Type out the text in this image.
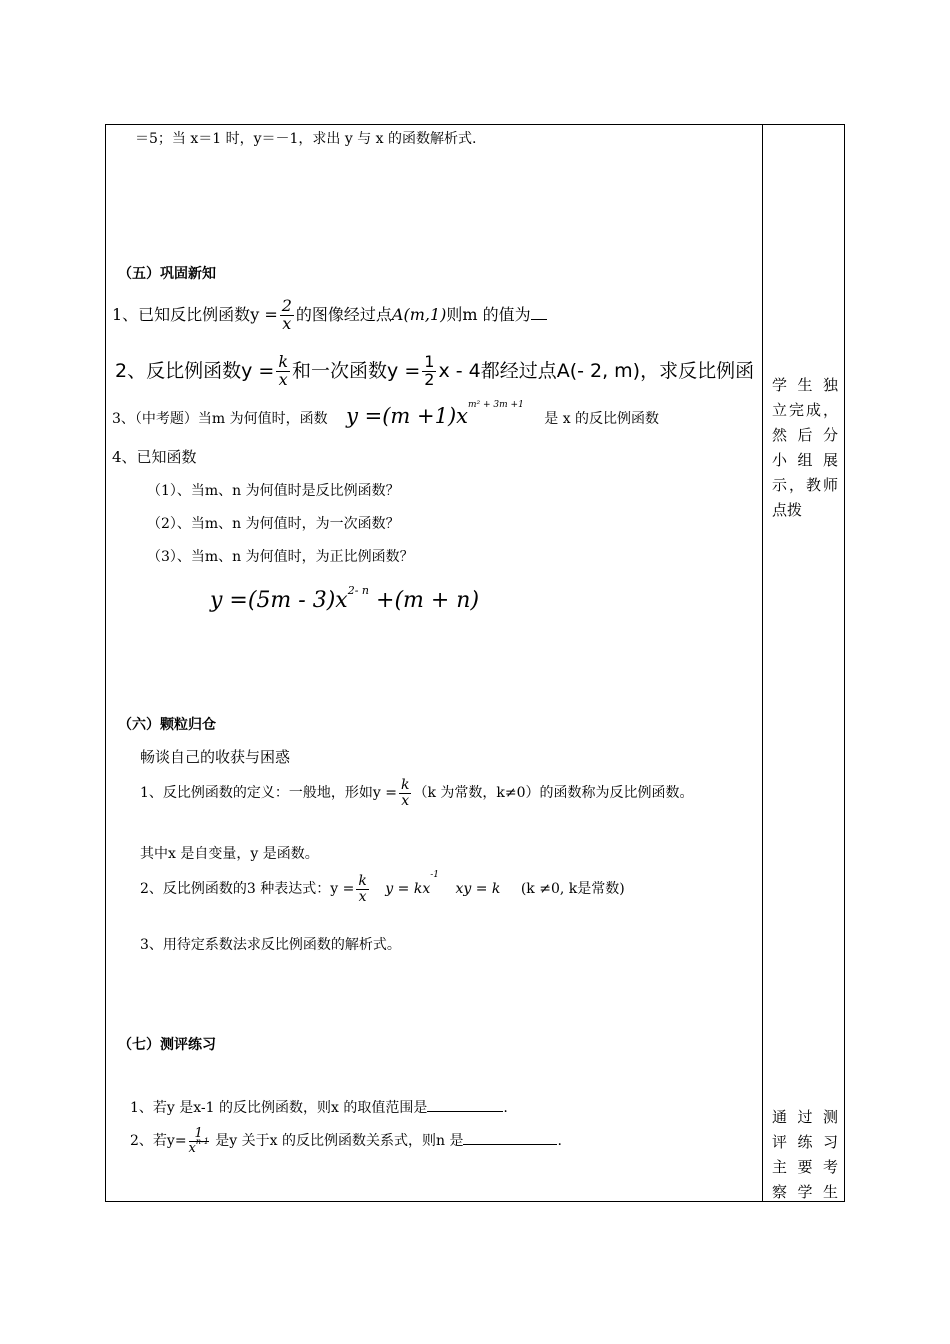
＝5；当 x＝1 时，y＝－1，求出 y 与 x 的函数解析式.
（五）巩固新知
1、已知反比例函数$y = \frac{2}{x}$ 的图像经过点A(m,1)则m 的值为
2、反比例函数$y = \frac{k}{x}$ 和一次函数$y = \frac{1}{2}$ x - 4都经过点A(- 2, m)，求反比例函
3、（中考题）当m 为何值时，函数 $y =(m +1)x^{m^2 + 3m +1}$ 是 x 的反比例函数
4、已知函数
（1）、当m、n 为何值时是反比例函数？
（2）、当m、n 为何值时，为一次函数？
（3）、当m、n 为何值时，为正比例函数？
$y =(5m - 3)x^{2- n} +(m + n)$
（六）颗粒归仓
畅谈自己的收获与困惑
1、反比例函数的定义：一般地，形如$y = \frac{k}{x} (k$ 为常数，k≠0）的函数称为反比例函数。
其中x 是自变量，y 是函数。
2、反比例函数的3 种表达式：$y = \frac{k}{x}$ $y = kx^{-1}$ xy = k (k ≠0, k是常数)
3、用待定系数法求反比例函数的解析式。
（七）测评练习
1、若y 是x-1 的反比例函数，则x 的取值范围是	.
2、若$y= \frac{1}{x^{n-1}}$ 是y 关于x 的反比例函数关系式，则n 是	.
学生独
立完成，
然后分
小组展
示，教师
点拨
通过测
评练习
主要考
察学生
